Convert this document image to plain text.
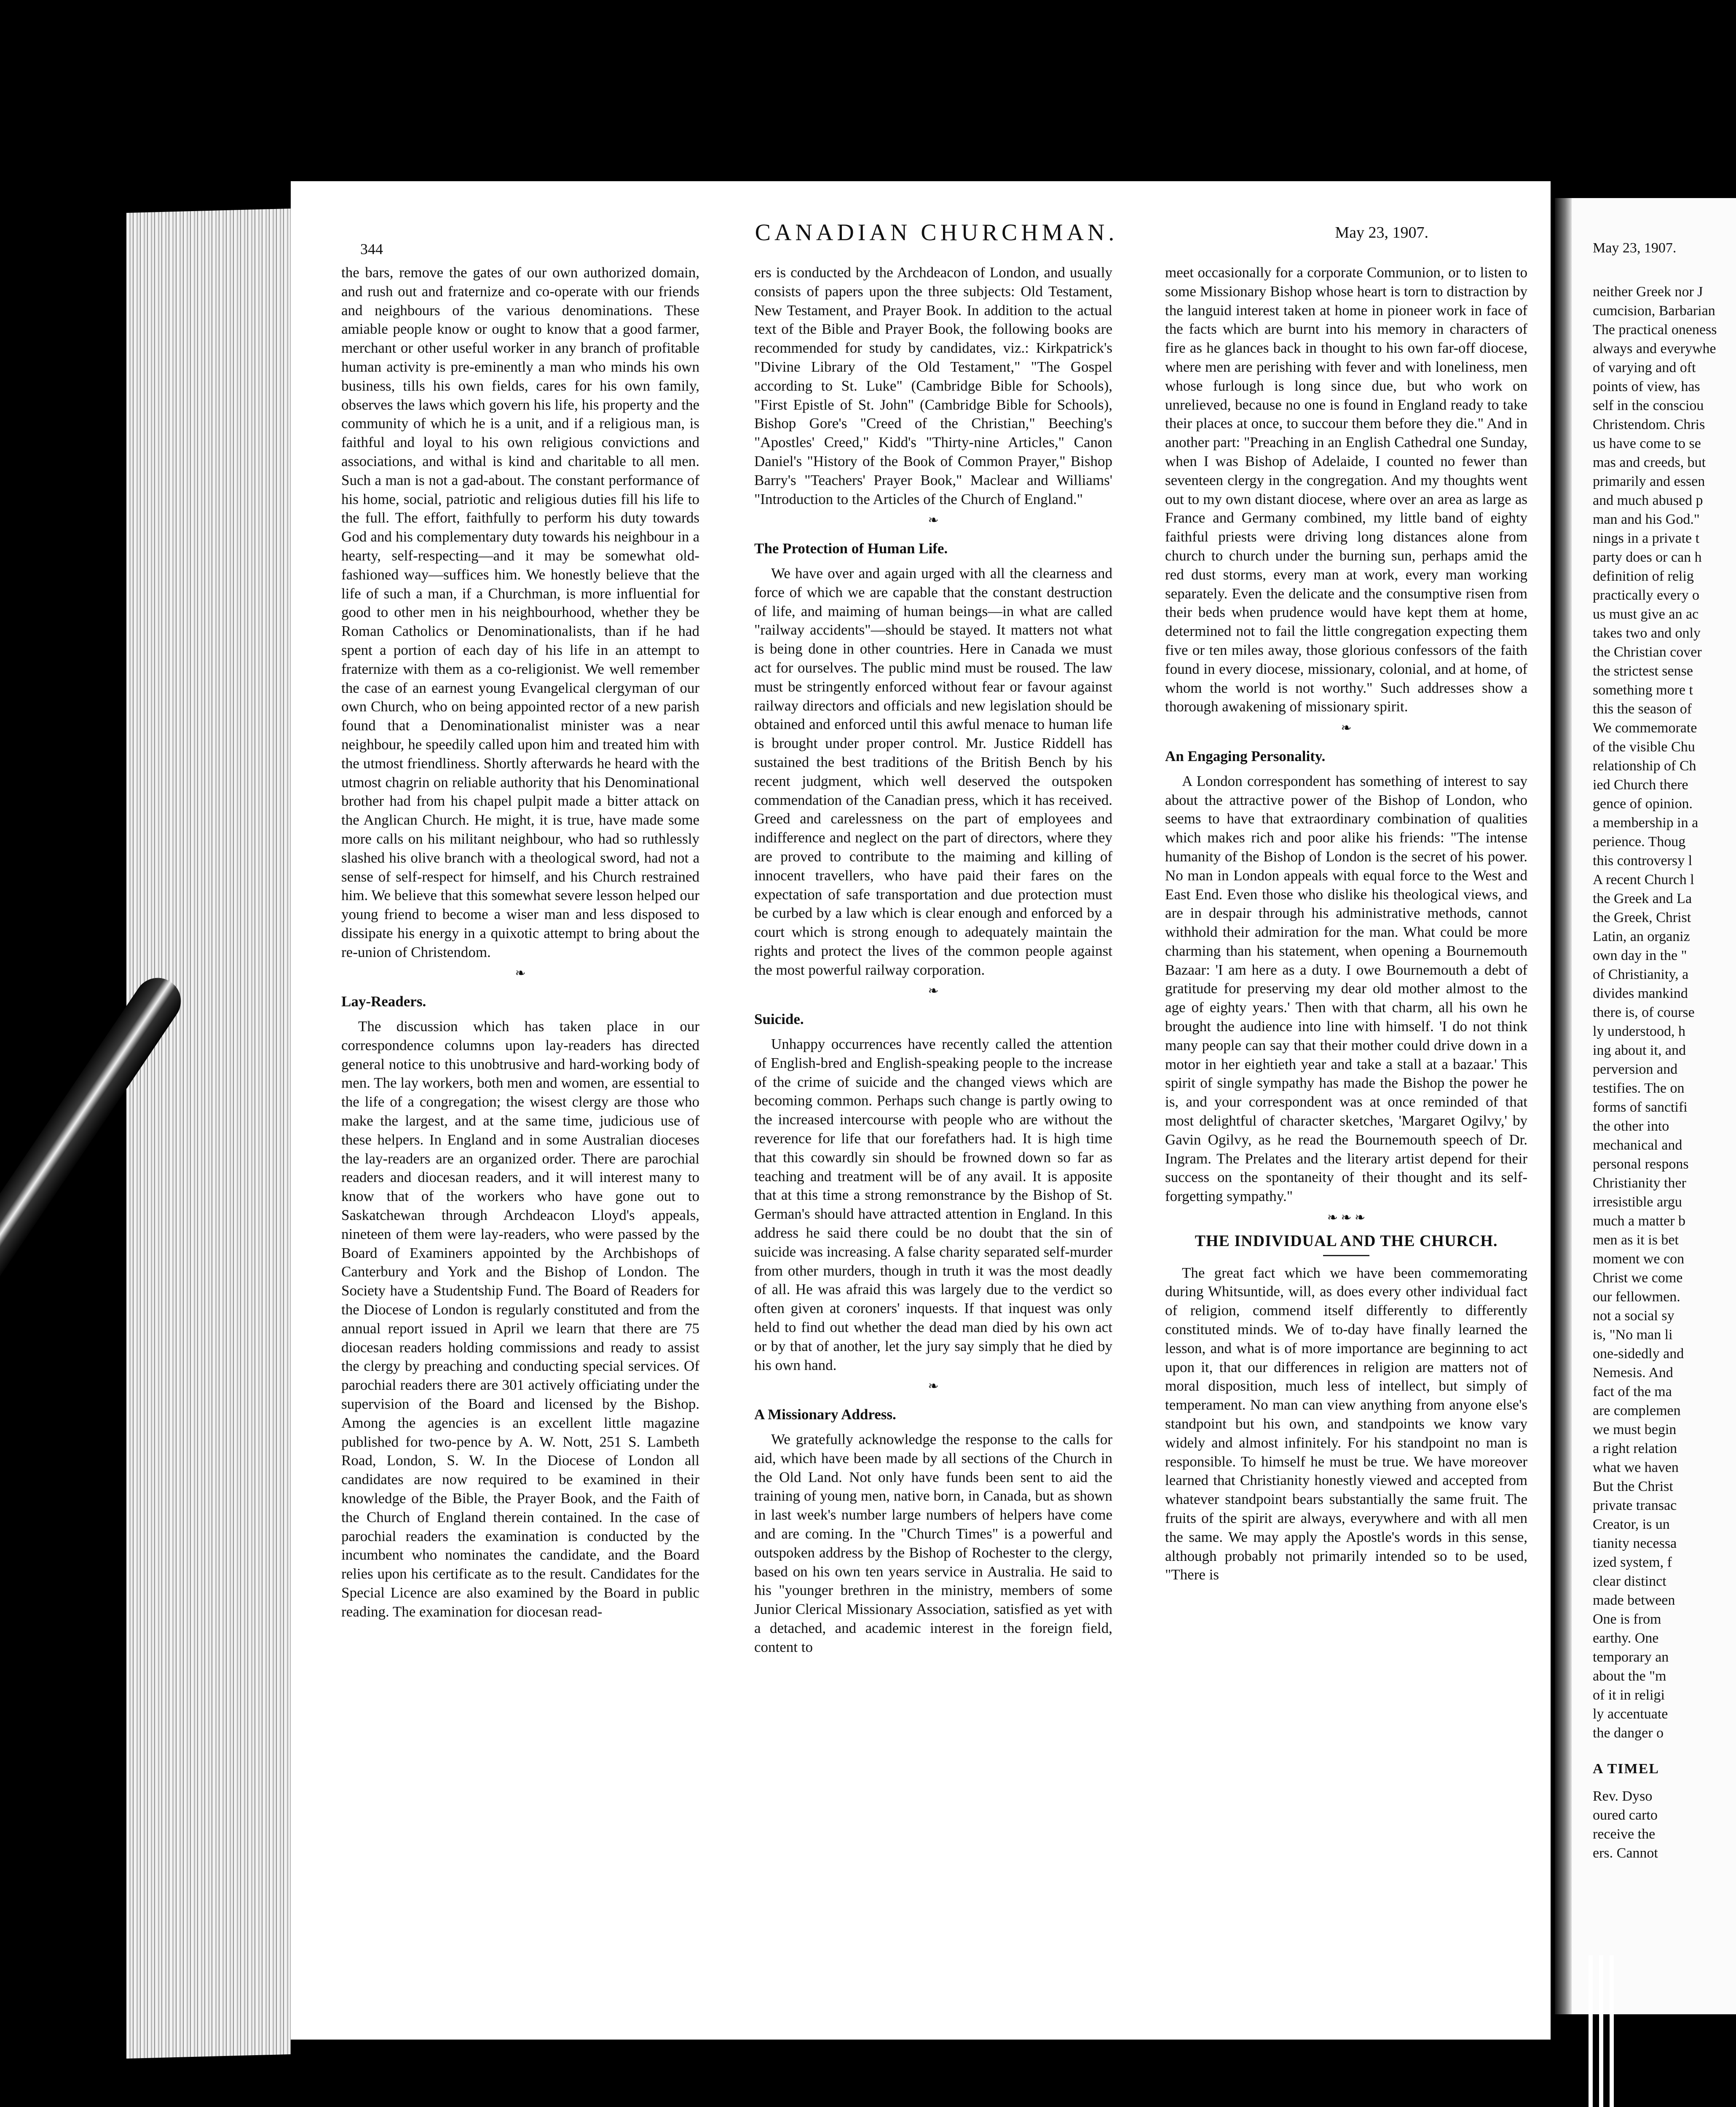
344
CANADIAN CHURCHMAN.	May 23, 1907.

the bars, remove the gates of our own authorized domain, and rush out and fraternize and co-operate with our friends and neighbours of the various denominations. These amiable people know or ought to know that a good farmer, merchant or other useful worker in any branch of profitable human activity is pre-eminently a man who minds his own business, tills his own fields, cares for his own family, observes the laws which govern his life, his property and the community of which he is a unit, and if a religious man, is faithful and loyal to his own religious convictions and associations, and withal is kind and charitable to all men. Such a man is not a gad-about. The constant performance of his home, social, patriotic and religious duties fill his life to the full. The effort, faithfully to perform his duty towards God and his complementary duty towards his neighbour in a hearty, self-respecting—and it may be somewhat old-fashioned way—suffices him. We honestly believe that the life of such a man, if a Churchman, is more influential for good to other men in his neighbourhood, whether they be Roman Catholics or Denominationalists, than if he had spent a portion of each day of his life in an attempt to fraternize with them as a co-religionist. We well remember the case of an earnest young Evangelical clergyman of our own Church, who on being appointed rector of a new parish found that a Denominationalist minister was a near neighbour, he speedily called upon him and treated him with the utmost friendliness. Shortly afterwards he heard with the utmost chagrin on reliable authority that his Denominational brother had from his chapel pulpit made a bitter attack on the Anglican Church. He might, it is true, have made some more calls on his militant neighbour, who had so ruthlessly slashed his olive branch with a theological sword, had not a sense of self-respect for himself, and his Church restrained him. We believe that this somewhat severe lesson helped our young friend to become a wiser man and less disposed to dissipate his energy in a quixotic attempt to bring about the re-union of Christendom.

❧
Lay-Readers.

The discussion which has taken place in our correspondence columns upon lay-readers has directed general notice to this unobtrusive and hard-working body of men. The lay workers, both men and women, are essential to the life of a congregation; the wisest clergy are those who make the largest, and at the same time, judicious use of these helpers. In England and in some Australian dioceses the lay-readers are an organized order. There are parochial readers and diocesan readers, and it will interest many to know that of the workers who have gone out to Saskatchewan through Archdeacon Lloyd's appeals, nineteen of them were lay-readers, who were passed by the Board of Examiners appointed by the Archbishops of Canterbury and York and the Bishop of London. The Society have a Studentship Fund. The Board of Readers for the Diocese of London is regularly constituted and from the annual report issued in April we learn that there are 75 diocesan readers holding commissions and ready to assist the clergy by preaching and conducting special services. Of parochial readers there are 301 actively officiating under the supervision of the Board and licensed by the Bishop. Among the agencies is an excellent little magazine published for two-pence by A. W. Nott, 251 S. Lambeth Road, London, S. W. In the Diocese of London all candidates are now required to be examined in their knowledge of the Bible, the Prayer Book, and the Faith of the Church of England therein contained. In the case of parochial readers the examination is conducted by the incumbent who nominates the candidate, and the Board relies upon his certificate as to the result. Candidates for the Special Licence are also examined by the Board in public reading. The examination for diocesan read-

ers is conducted by the Archdeacon of London, and usually consists of papers upon the three subjects: Old Testament, New Testament, and Prayer Book. In addition to the actual text of the Bible and Prayer Book, the following books are recommended for study by candidates, viz.: Kirkpatrick's "Divine Library of the Old Testament," "The Gospel according to St. Luke" (Cambridge Bible for Schools), "First Epistle of St. John" (Cambridge Bible for Schools), Bishop Gore's "Creed of the Christian," Beeching's "Apostles' Creed," Kidd's "Thirty-nine Articles," Canon Daniel's "History of the Book of Common Prayer," Bishop Barry's "Teachers' Prayer Book," Maclear and Williams' "Introduction to the Articles of the Church of England."

❧
The Protection of Human Life.

We have over and again urged with all the clearness and force of which we are capable that the constant destruction of life, and maiming of human beings—in what are called "railway accidents"—should be stayed. It matters not what is being done in other countries. Here in Canada we must act for ourselves. The public mind must be roused. The law must be stringently enforced without fear or favour against railway directors and officials and new legislation should be obtained and enforced until this awful menace to human life is brought under proper control. Mr. Justice Riddell has sustained the best traditions of the British Bench by his recent judgment, which well deserved the outspoken commendation of the Canadian press, which it has received. Greed and carelessness on the part of employees and indifference and neglect on the part of directors, where they are proved to contribute to the maiming and killing of innocent travellers, who have paid their fares on the expectation of safe transportation and due protection must be curbed by a law which is clear enough and enforced by a court which is strong enough to adequately maintain the rights and protect the lives of the common people against the most powerful railway corporation.

❧
Suicide.

Unhappy occurrences have recently called the attention of English-bred and English-speaking people to the increase of the crime of suicide and the changed views which are becoming common. Perhaps such change is partly owing to the increased intercourse with people who are without the reverence for life that our forefathers had. It is high time that this cowardly sin should be frowned down so far as teaching and treatment will be of any avail. It is apposite that at this time a strong remonstrance by the Bishop of St. German's should have attracted attention in England. In this address he said there could be no doubt that the sin of suicide was increasing. A false charity separated self-murder from other murders, though in truth it was the most deadly of all. He was afraid this was largely due to the verdict so often given at coroners' inquests. If that inquest was only held to find out whether the dead man died by his own act or by that of another, let the jury say simply that he died by his own hand.

❧
A Missionary Address.

We gratefully acknowledge the response to the calls for aid, which have been made by all sections of the Church in the Old Land. Not only have funds been sent to aid the training of young men, native born, in Canada, but as shown in last week's number large numbers of helpers have come and are coming. In the "Church Times" is a powerful and outspoken address by the Bishop of Rochester to the clergy, based on his own ten years service in Australia. He said to his "younger brethren in the ministry, members of some Junior Clerical Missionary Association, satisfied as yet with a detached, and academic interest in the foreign field, content to

meet occasionally for a corporate Communion, or to listen to some Missionary Bishop whose heart is torn to distraction by the languid interest taken at home in pioneer work in face of the facts which are burnt into his memory in characters of fire as he glances back in thought to his own far-off diocese, where men are perishing with fever and with loneliness, men whose furlough is long since due, but who work on unrelieved, because no one is found in England ready to take their places at once, to succour them before they die." And in another part: "Preaching in an English Cathedral one Sunday, when I was Bishop of Adelaide, I counted no fewer than seventeen clergy in the congregation. And my thoughts went out to my own distant diocese, where over an area as large as France and Germany combined, my little band of eighty faithful priests were driving long distances alone from church to church under the burning sun, perhaps amid the red dust storms, every man at work, every man working separately. Even the delicate and the consumptive risen from their beds when prudence would have kept them at home, determined not to fail the little congregation expecting them five or ten miles away, those glorious confessors of the faith found in every diocese, missionary, colonial, and at home, of whom the world is not worthy." Such addresses show a thorough awakening of missionary spirit.

❧
An Engaging Personality.

A London correspondent has something of interest to say about the attractive power of the Bishop of London, who seems to have that extraordinary combination of qualities which makes rich and poor alike his friends: "The intense humanity of the Bishop of London is the secret of his power. No man in London appeals with equal force to the West and East End. Even those who dislike his theological views, and are in despair through his administrative methods, cannot withhold their admiration for the man. What could be more charming than his statement, when opening a Bournemouth Bazaar: 'I am here as a duty. I owe Bournemouth a debt of gratitude for preserving my dear old mother almost to the age of eighty years.' Then with that charm, all his own he brought the audience into line with himself. 'I do not think many people can say that their mother could drive down in a motor in her eightieth year and take a stall at a bazaar.' This spirit of single sympathy has made the Bishop the power he is, and your correspondent was at once reminded of that most delightful of character sketches, 'Margaret Ogilvy,' by Gavin Ogilvy, as he read the Bournemouth speech of Dr. Ingram. The Prelates and the literary artist depend for their success on the spontaneity of their thought and its self-forgetting sympathy."

❧ ❧ ❧
THE INDIVIDUAL AND THE CHURCH.

The great fact which we have been commemorating during Whitsuntide, will, as does every other individual fact of religion, commend itself differently to differently constituted minds. We of to-day have finally learned the lesson, and what is of more importance are beginning to act upon it, that our differences in religion are matters not of moral disposition, much less of intellect, but simply of temperament. No man can view anything from anyone else's standpoint but his own, and standpoints we know vary widely and almost infinitely. For his standpoint no man is responsible. To himself he must be true. We have moreover learned that Christianity honestly viewed and accepted from whatever standpoint bears substantially the same fruit. The fruits of the spirit are always, everywhere and with all men the same. We may apply the Apostle's words in this sense, although probably not primarily intended so to be used, "There is

May 23, 1907.
neither Greek nor J
cumcision, Barbarian
The practical oneness
always and everywhe
of varying and oft
points of view, has
self in the consciou
Christendom. Chris
us have come to se
mas and creeds, but
primarily and essen
and much abused p
man and his God."
nings in a private t
party does or can h
definition of relig
practically every o
us must give an ac
takes two and only
the Christian cover
the strictest sense
something more t
this the season of
We commemorate
of the visible Chu
relationship of Ch
ied Church there
gence of opinion.
a membership in a
perience. Thoug
this controversy l
A recent Church l
the Greek and La
the Greek, Christ
Latin, an organiz
own day in the "
of Christianity, a
divides mankind
there is, of course
ly understood, h
ing about it, and
perversion and
testifies. The on
forms of sanctifi
the other into
mechanical and
personal respons
Christianity ther
irresistible argu
much a matter b
men as it is bet
moment we con
Christ we come
our fellowmen.
not a social sy
is, "No man li
one-sidedly and
Nemesis. And
fact of the ma
are complemen
we must begin
a right relation
what we haven
But the Christ
private transac
Creator, is un
tianity necessa
ized system, f
clear distinct
made between
One is from
earthy. One
temporary an
about the "m
of it in religi
ly accentuate
the danger o
A TIMEL
Rev. Dyso
oured carto
receive the
ers. Cannot
